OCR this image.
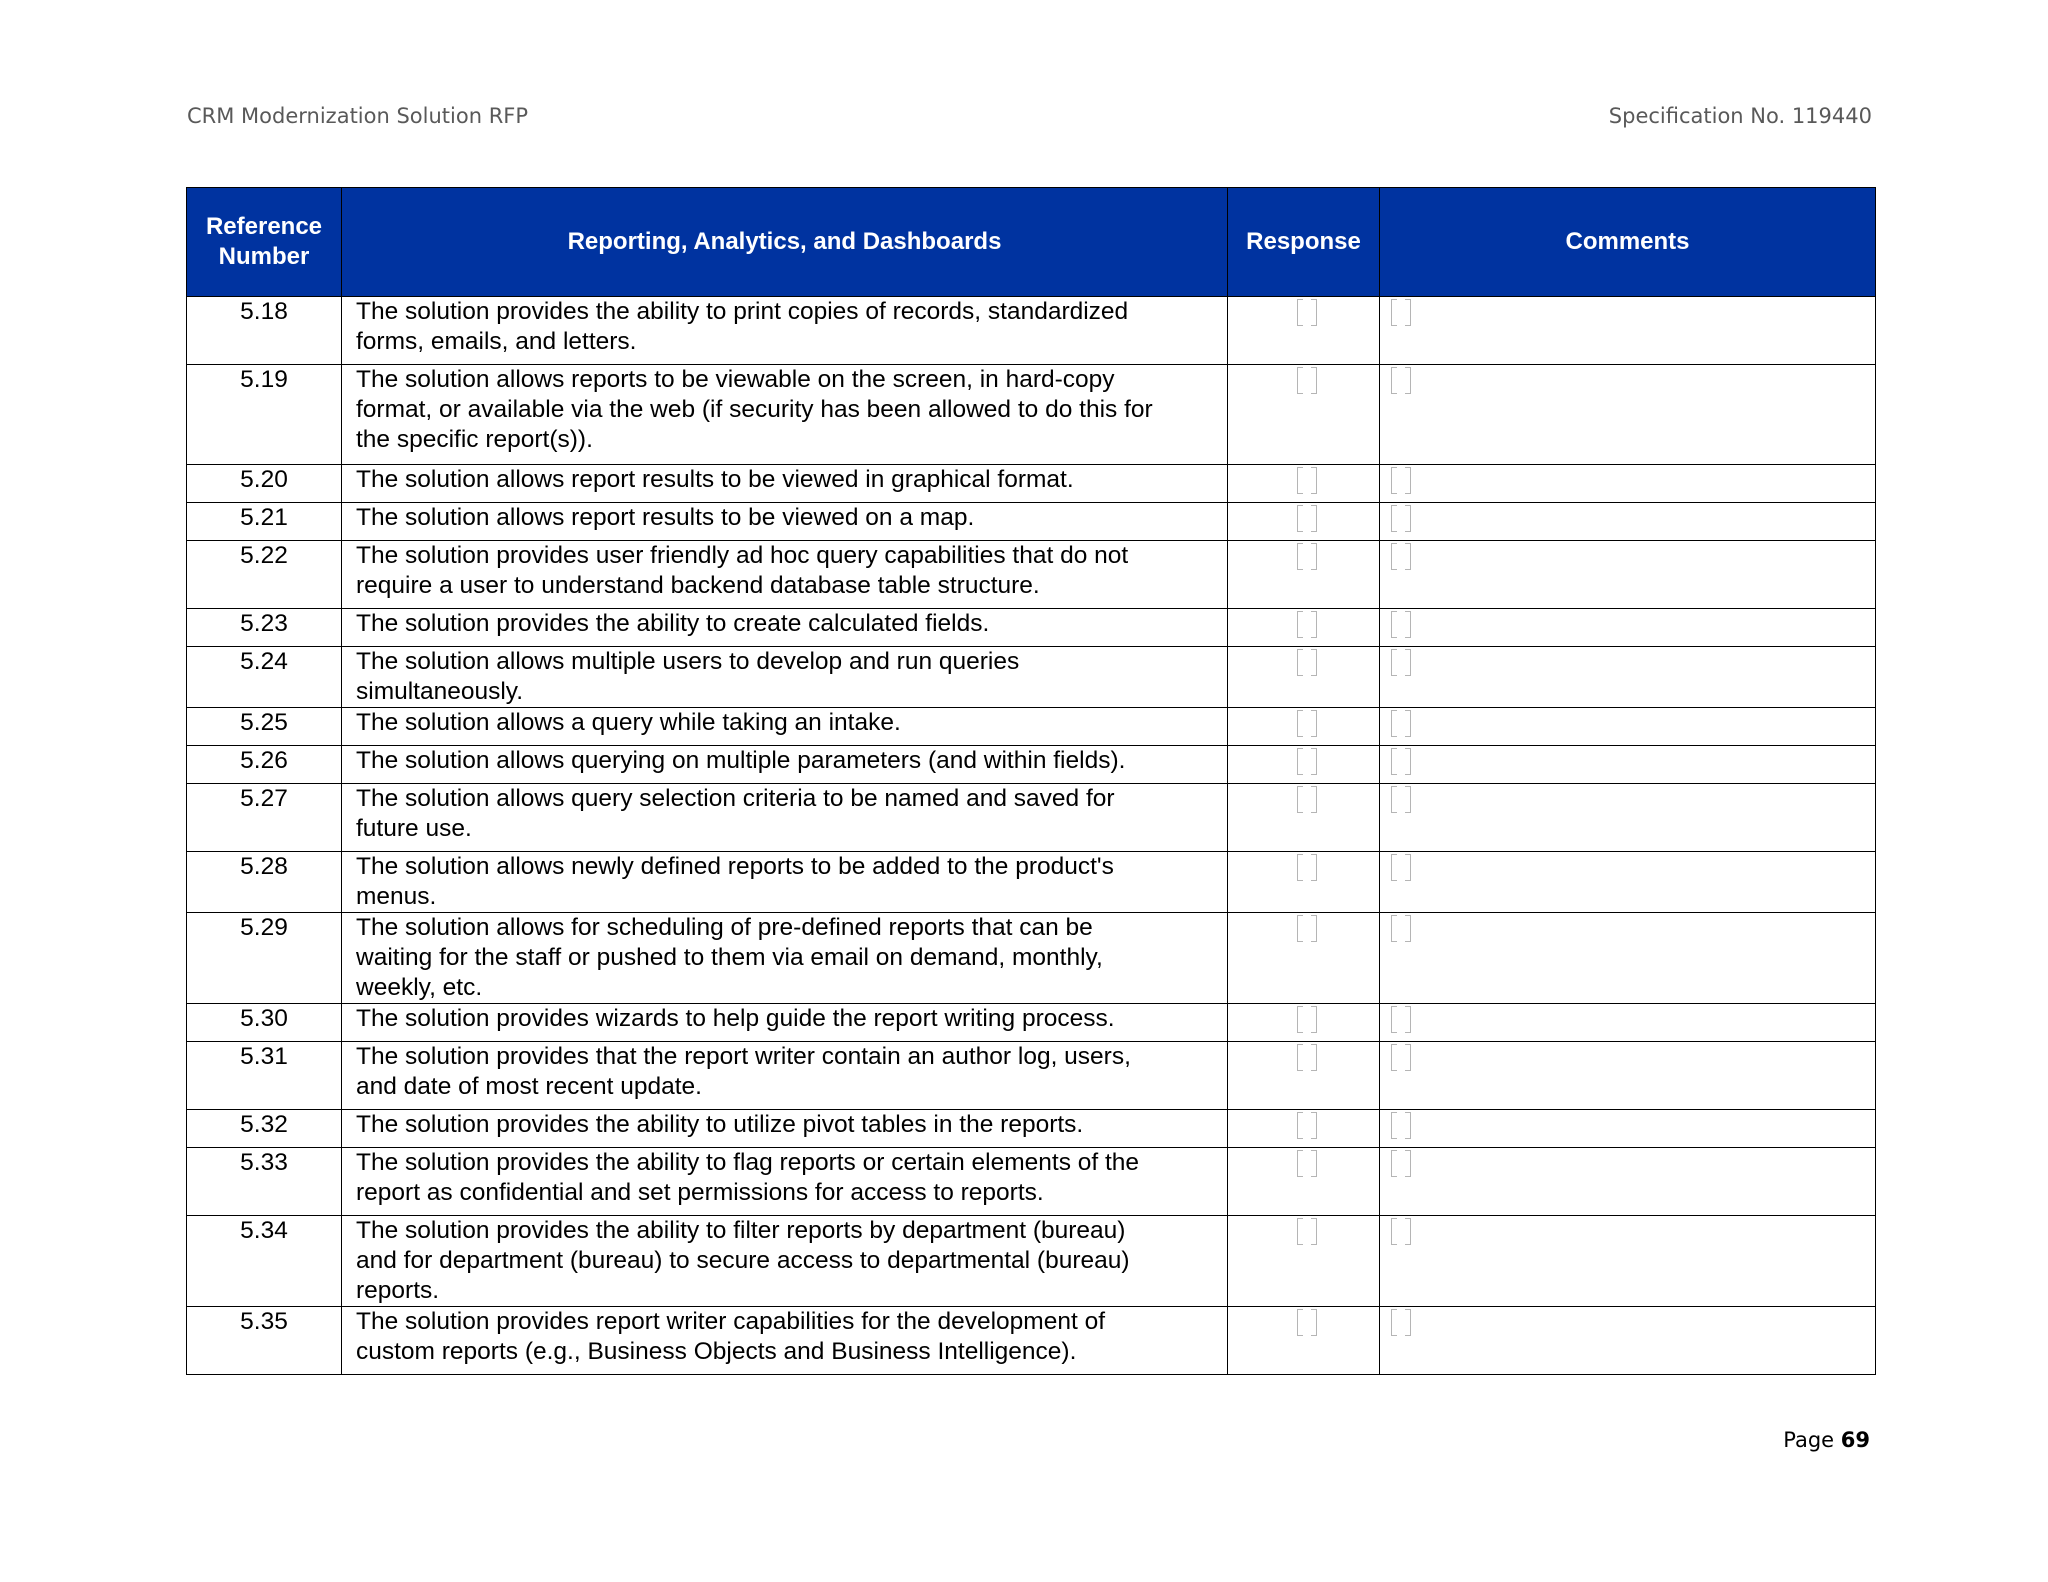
CRM Modernization Solution RFP	Specification No. 119440
Reference
Number	Reporting, Analytics, and Dashboards	Response	Comments
5.18	The solution provides the ability to print copies of records, standardized
forms, emails, and letters.		
5.19	The solution allows reports to be viewable on the screen, in hard-copy
format, or available via the web (if security has been allowed to do this for
the specific report(s)).		
5.20	The solution allows report results to be viewed in graphical format.		
5.21	The solution allows report results to be viewed on a map.		
5.22	The solution provides user friendly ad hoc query capabilities that do not
require a user to understand backend database table structure.		
5.23	The solution provides the ability to create calculated fields.		
5.24	The solution allows multiple users to develop and run queries
simultaneously.		
5.25	The solution allows a query while taking an intake.		
5.26	The solution allows querying on multiple parameters (and within fields).		
5.27	The solution allows query selection criteria to be named and saved for
future use.		
5.28	The solution allows newly defined reports to be added to the product's
menus.		
5.29	The solution allows for scheduling of pre-defined reports that can be
waiting for the staff or pushed to them via email on demand, monthly,
weekly, etc.		
5.30	The solution provides wizards to help guide the report writing process.		
5.31	The solution provides that the report writer contain an author log, users,
and date of most recent update.		
5.32	The solution provides the ability to utilize pivot tables in the reports.		
5.33	The solution provides the ability to flag reports or certain elements of the
report as confidential and set permissions for access to reports.		
5.34	The solution provides the ability to filter reports by department (bureau)
and for department (bureau) to secure access to departmental (bureau)
reports.		
5.35	The solution provides report writer capabilities for the development of
custom reports (e.g., Business Objects and Business Intelligence).		
Page 69
